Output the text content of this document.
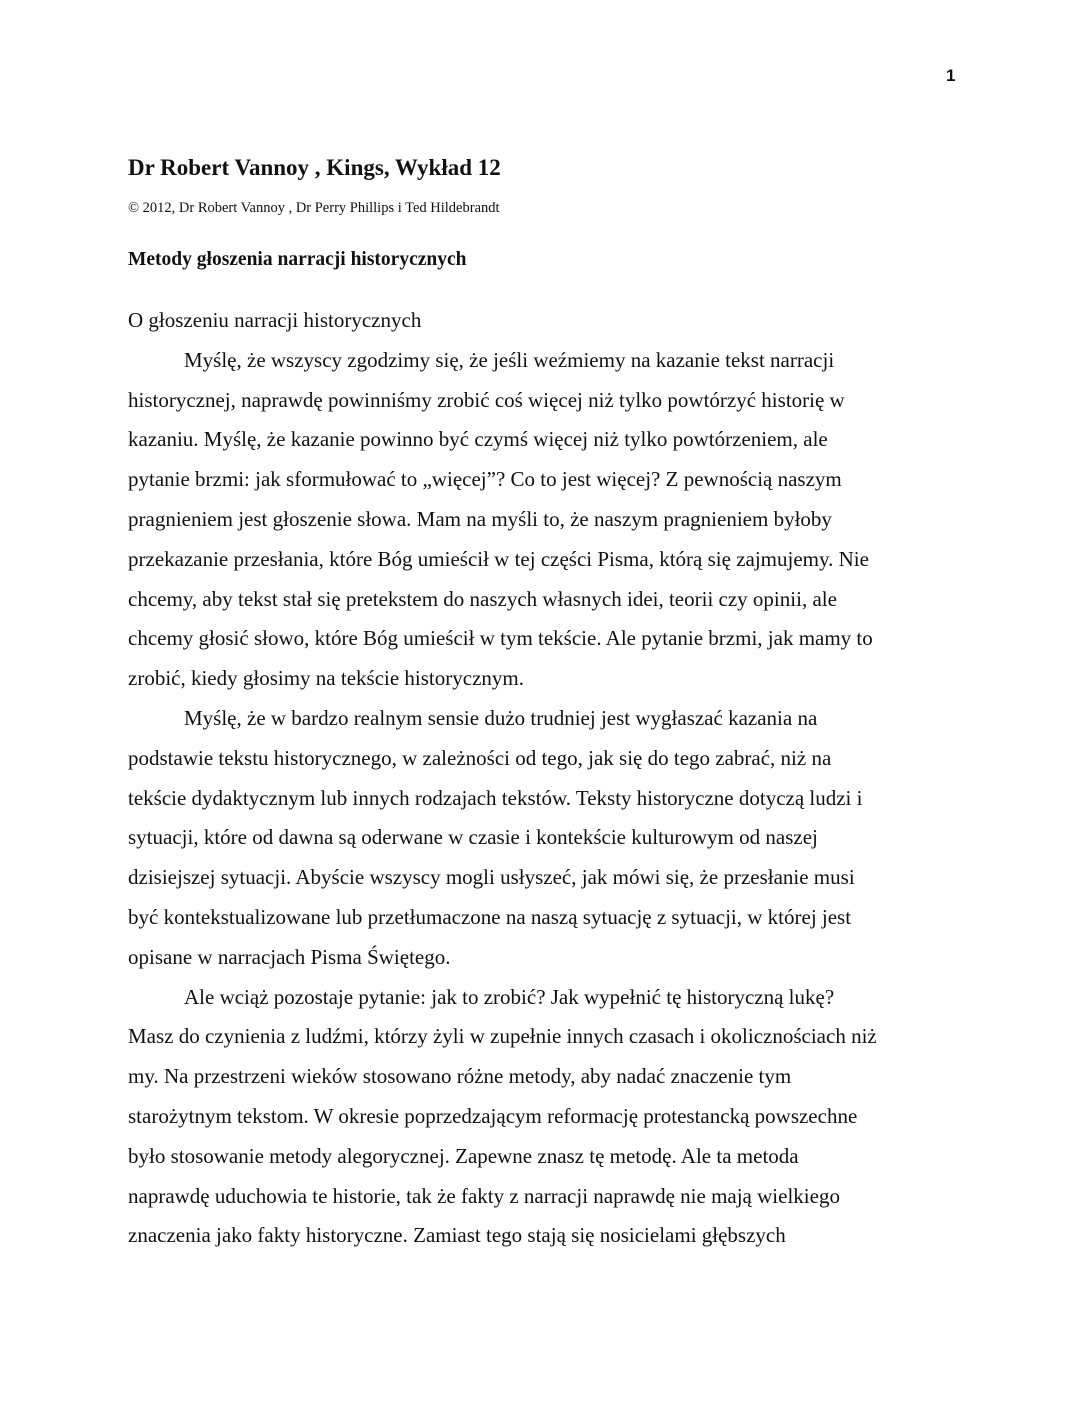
1

Dr Robert Vannoy , Kings, Wykład 12

© 2012, Dr Robert Vannoy , Dr Perry Phillips i Ted Hildebrandt

Metody głoszenia narracji historycznych

O głoszeniu narracji historycznych

Myślę, że wszyscy zgodzimy się, że jeśli weźmiemy na kazanie tekst narracji
historycznej, naprawdę powinniśmy zrobić coś więcej niż tylko powtórzyć historię w
kazaniu. Myślę, że kazanie powinno być czymś więcej niż tylko powtórzeniem, ale
pytanie brzmi: jak sformułować to „więcej”? Co to jest więcej? Z pewnością naszym
pragnieniem jest głoszenie słowa. Mam na myśli to, że naszym pragnieniem byłoby
przekazanie przesłania, które Bóg umieścił w tej części Pisma, którą się zajmujemy. Nie
chcemy, aby tekst stał się pretekstem do naszych własnych idei, teorii czy opinii, ale
chcemy głosić słowo, które Bóg umieścił w tym tekście. Ale pytanie brzmi, jak mamy to
zrobić, kiedy głosimy na tekście historycznym.

Myślę, że w bardzo realnym sensie dużo trudniej jest wygłaszać kazania na
podstawie tekstu historycznego, w zależności od tego, jak się do tego zabrać, niż na
tekście dydaktycznym lub innych rodzajach tekstów. Teksty historyczne dotyczą ludzi i
sytuacji, które od dawna są oderwane w czasie i kontekście kulturowym od naszej
dzisiejszej sytuacji. Abyście wszyscy mogli usłyszeć, jak mówi się, że przesłanie musi
być kontekstualizowane lub przetłumaczone na naszą sytuację z sytuacji, w której jest
opisane w narracjach Pisma Świętego.

Ale wciąż pozostaje pytanie: jak to zrobić? Jak wypełnić tę historyczną lukę?
Masz do czynienia z ludźmi, którzy żyli w zupełnie innych czasach i okolicznościach niż
my. Na przestrzeni wieków stosowano różne metody, aby nadać znaczenie tym
starożytnym tekstom. W okresie poprzedzającym reformację protestancką powszechne
było stosowanie metody alegorycznej. Zapewne znasz tę metodę. Ale ta metoda
naprawdę uduchowia te historie, tak że fakty z narracji naprawdę nie mają wielkiego
znaczenia jako fakty historyczne. Zamiast tego stają się nosicielami głębszych
